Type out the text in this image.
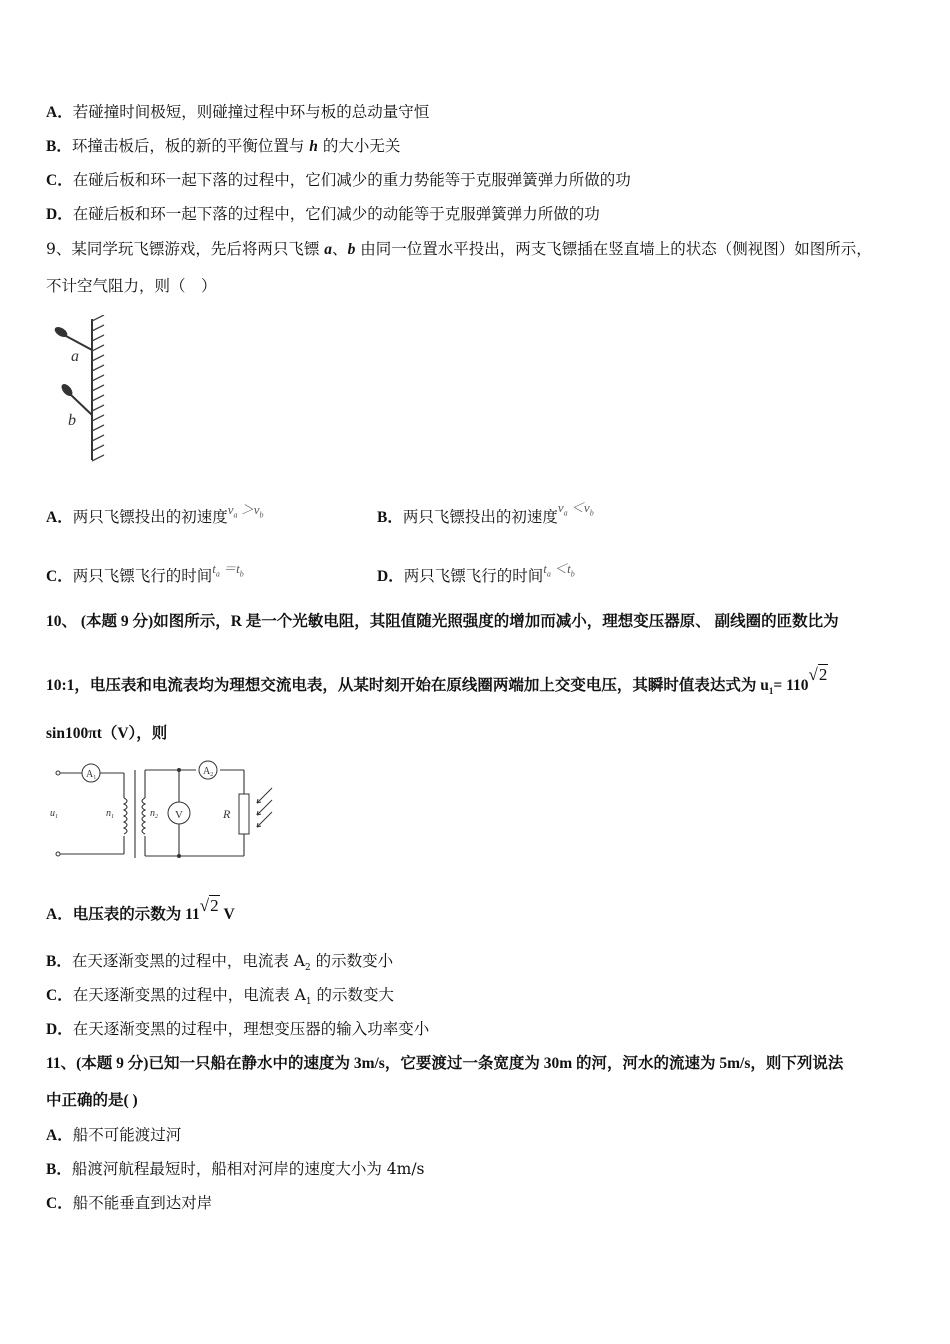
A．若碰撞时间极短，则碰撞过程中环与板的总动量守恒
B．环撞击板后，板的新的平衡位置与 h 的大小无关
C．在碰后板和环一起下落的过程中，它们减少的重力势能等于克服弹簧弹力所做的功
D．在碰后板和环一起下落的过程中，它们减少的动能等于克服弹簧弹力所做的功
9、某同学玩飞镖游戏，先后将两只飞镖 a、b 由同一位置水平投出，两支飞镖插在竖直墙上的状态（侧视图）如图所示，
不计空气阻力，则（　）
a
b
A．两只飞镖投出的初速度$^{v_a >v_b}$	B．两只飞镖投出的初速度$^{v_a <v_b}$
C．两只飞镖飞行的时间$^{t_a =t_b}$	D．两只飞镖飞行的时间$^{t_a <t_b}$
10、 (本题 9 分)如图所示，R 是一个光敏电阻，其阻值随光照强度的增加而减小，理想变压器原、 副线圈的匝数比为
10:1，电压表和电流表均为理想交流电表，从某时刻开始在原线圈两端加上交变电压，其瞬时值表达式为 $u_1= 110√2$
sin100πt（V），则
$A_1$
$A_2$
V	R
$u_1$	$n_1$	$n_2$
A．电压表的示数为 11√2 V
B．在天逐渐变黑的过程中，电流表 $A_2$ 的示数变小
C．在天逐渐变黑的过程中，电流表 $A_1$ 的示数变大
D．在天逐渐变黑的过程中，理想变压器的输入功率变小
11、(本题 9 分)已知一只船在静水中的速度为 3m/s，它要渡过一条宽度为 30m 的河，河水的流速为 5m/s，则下列说法
中正确的是( )
A．船不可能渡过河
B．船渡河航程最短时，船相对河岸的速度大小为 4m/s
C．船不能垂直到达对岸
